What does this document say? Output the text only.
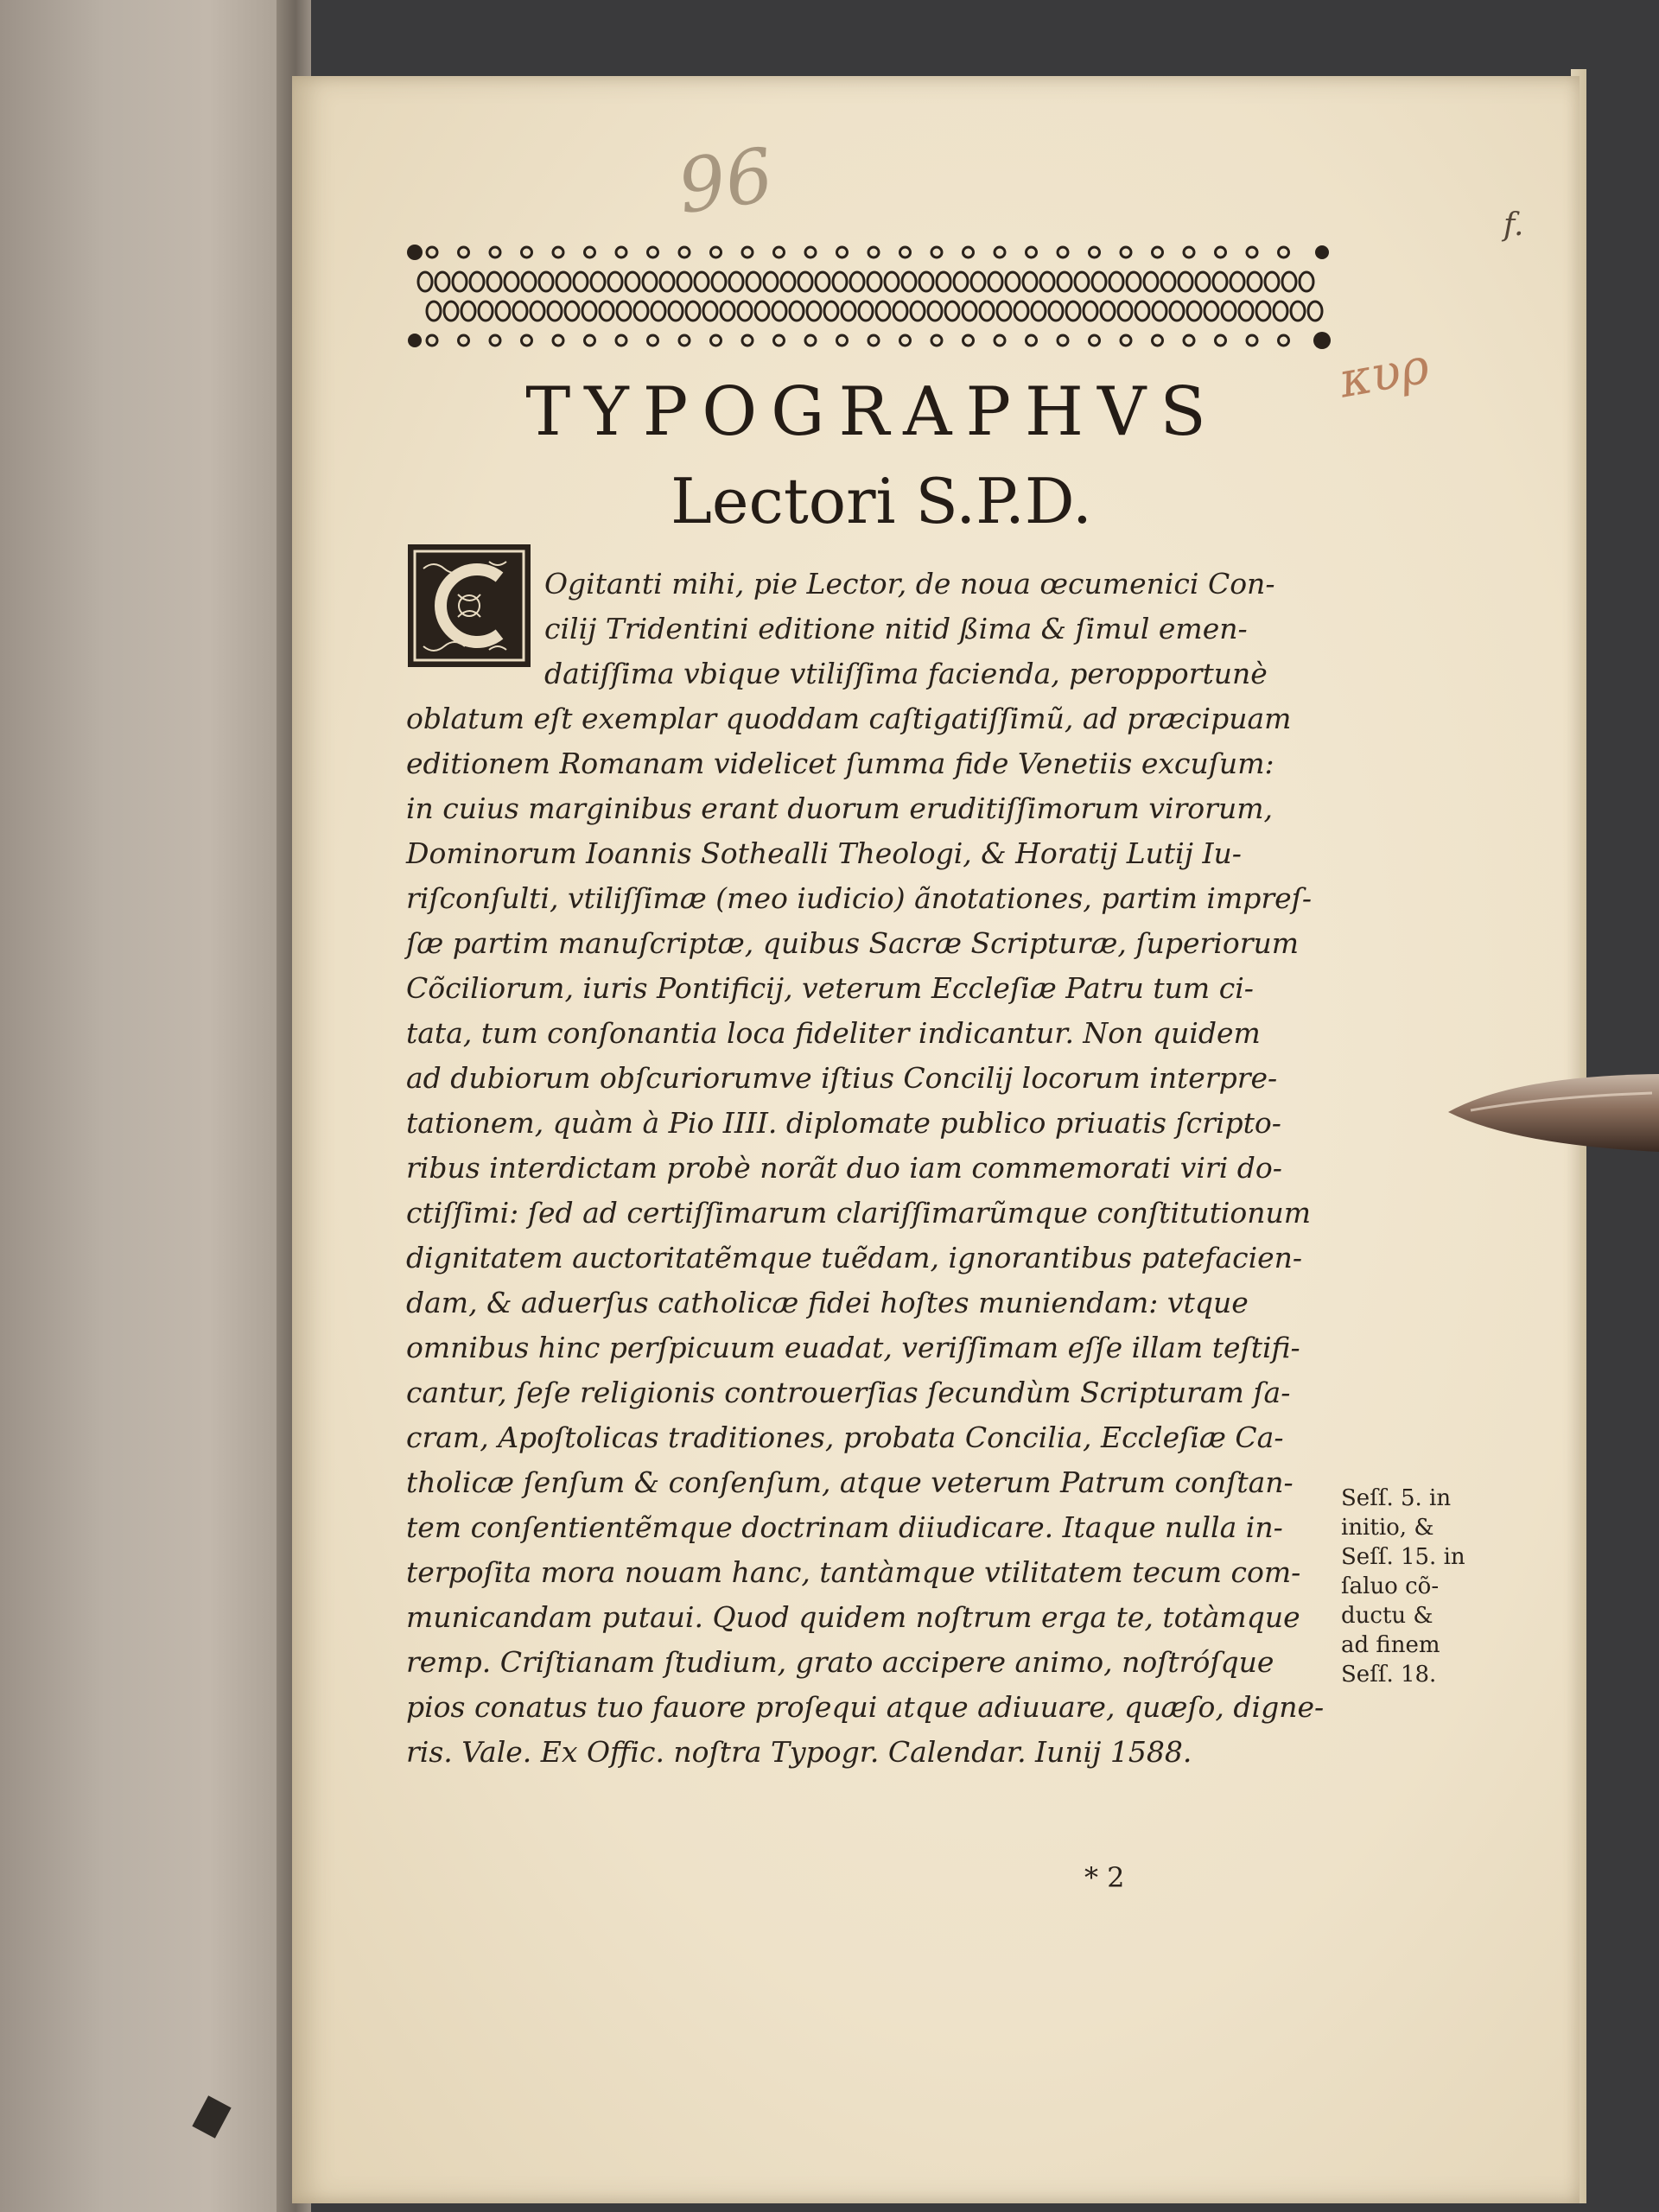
96	f.
κυρ
TYPOGRAPHVS
Lectori S.P.D.
Ogitanti mihi, pie Lector, de noua œcumenici Con-
cilij Tridentini editione nitid ßima & ſimul emen-
datiſſima vbique vtiliſſima facienda, peropportunè
oblatum eſt exemplar quoddam caſtigatiſſimũ, ad præcipuam
editionem Romanam videlicet ſumma fide Venetiis excuſum:
in cuius marginibus erant duorum eruditiſſimorum virorum,
Dominorum Ioannis Sothealli Theologi, & Horatij Lutij Iu-
riſconſulti, vtiliſſimæ (meo iudicio) ãnotationes, partim impreſ-
ſæ partim manuſcriptæ, quibus Sacræ Scripturæ, ſuperiorum
Cõciliorum, iuris Pontificij, veterum Eccleſiæ Patru tum ci-
tata, tum conſonantia loca fideliter indicantur. Non quidem
ad dubiorum obſcuriorumve iſtius Concilij locorum interpre-
tationem, quàm à Pio IIII. diplomate publico priuatis ſcripto-
ribus interdictam probè norãt duo iam commemorati viri do-
ctiſſimi: ſed ad certiſſimarum clariſſimarũmque conſtitutionum
dignitatem auctoritatẽmque tuẽdam, ignorantibus patefacien-
dam, & aduerſus catholicæ fidei hoſtes muniendam: vtque
omnibus hinc perſpicuum euadat, veriſſimam eſſe illam teſtifi-
cantur, ſeſe religionis controuerſias ſecundùm Scripturam ſa-
cram, Apoſtolicas traditiones, probata Concilia, Eccleſiæ Ca-
tholicæ ſenſum & conſenſum, atque veterum Patrum conſtan-
tem conſentientẽmque doctrinam diiudicare. Itaque nulla in-
terpoſita mora nouam hanc, tantàmque vtilitatem tecum com-
municandam putaui. Quod quidem noſtrum erga te, totàmque
remp. Criſtianam ſtudium, grato accipere animo, noſtróſque
pios conatus tuo fauore proſequi atque adiuuare, quæſo, digne-
ris. Vale. Ex Offic. noſtra Typogr. Calendar. Iunij 1588.
Seſſ. 5. in
initio, &
Seſſ. 15. in
ſaluo cõ-
ductu &
ad finem
Seſſ. 18.
* 2
